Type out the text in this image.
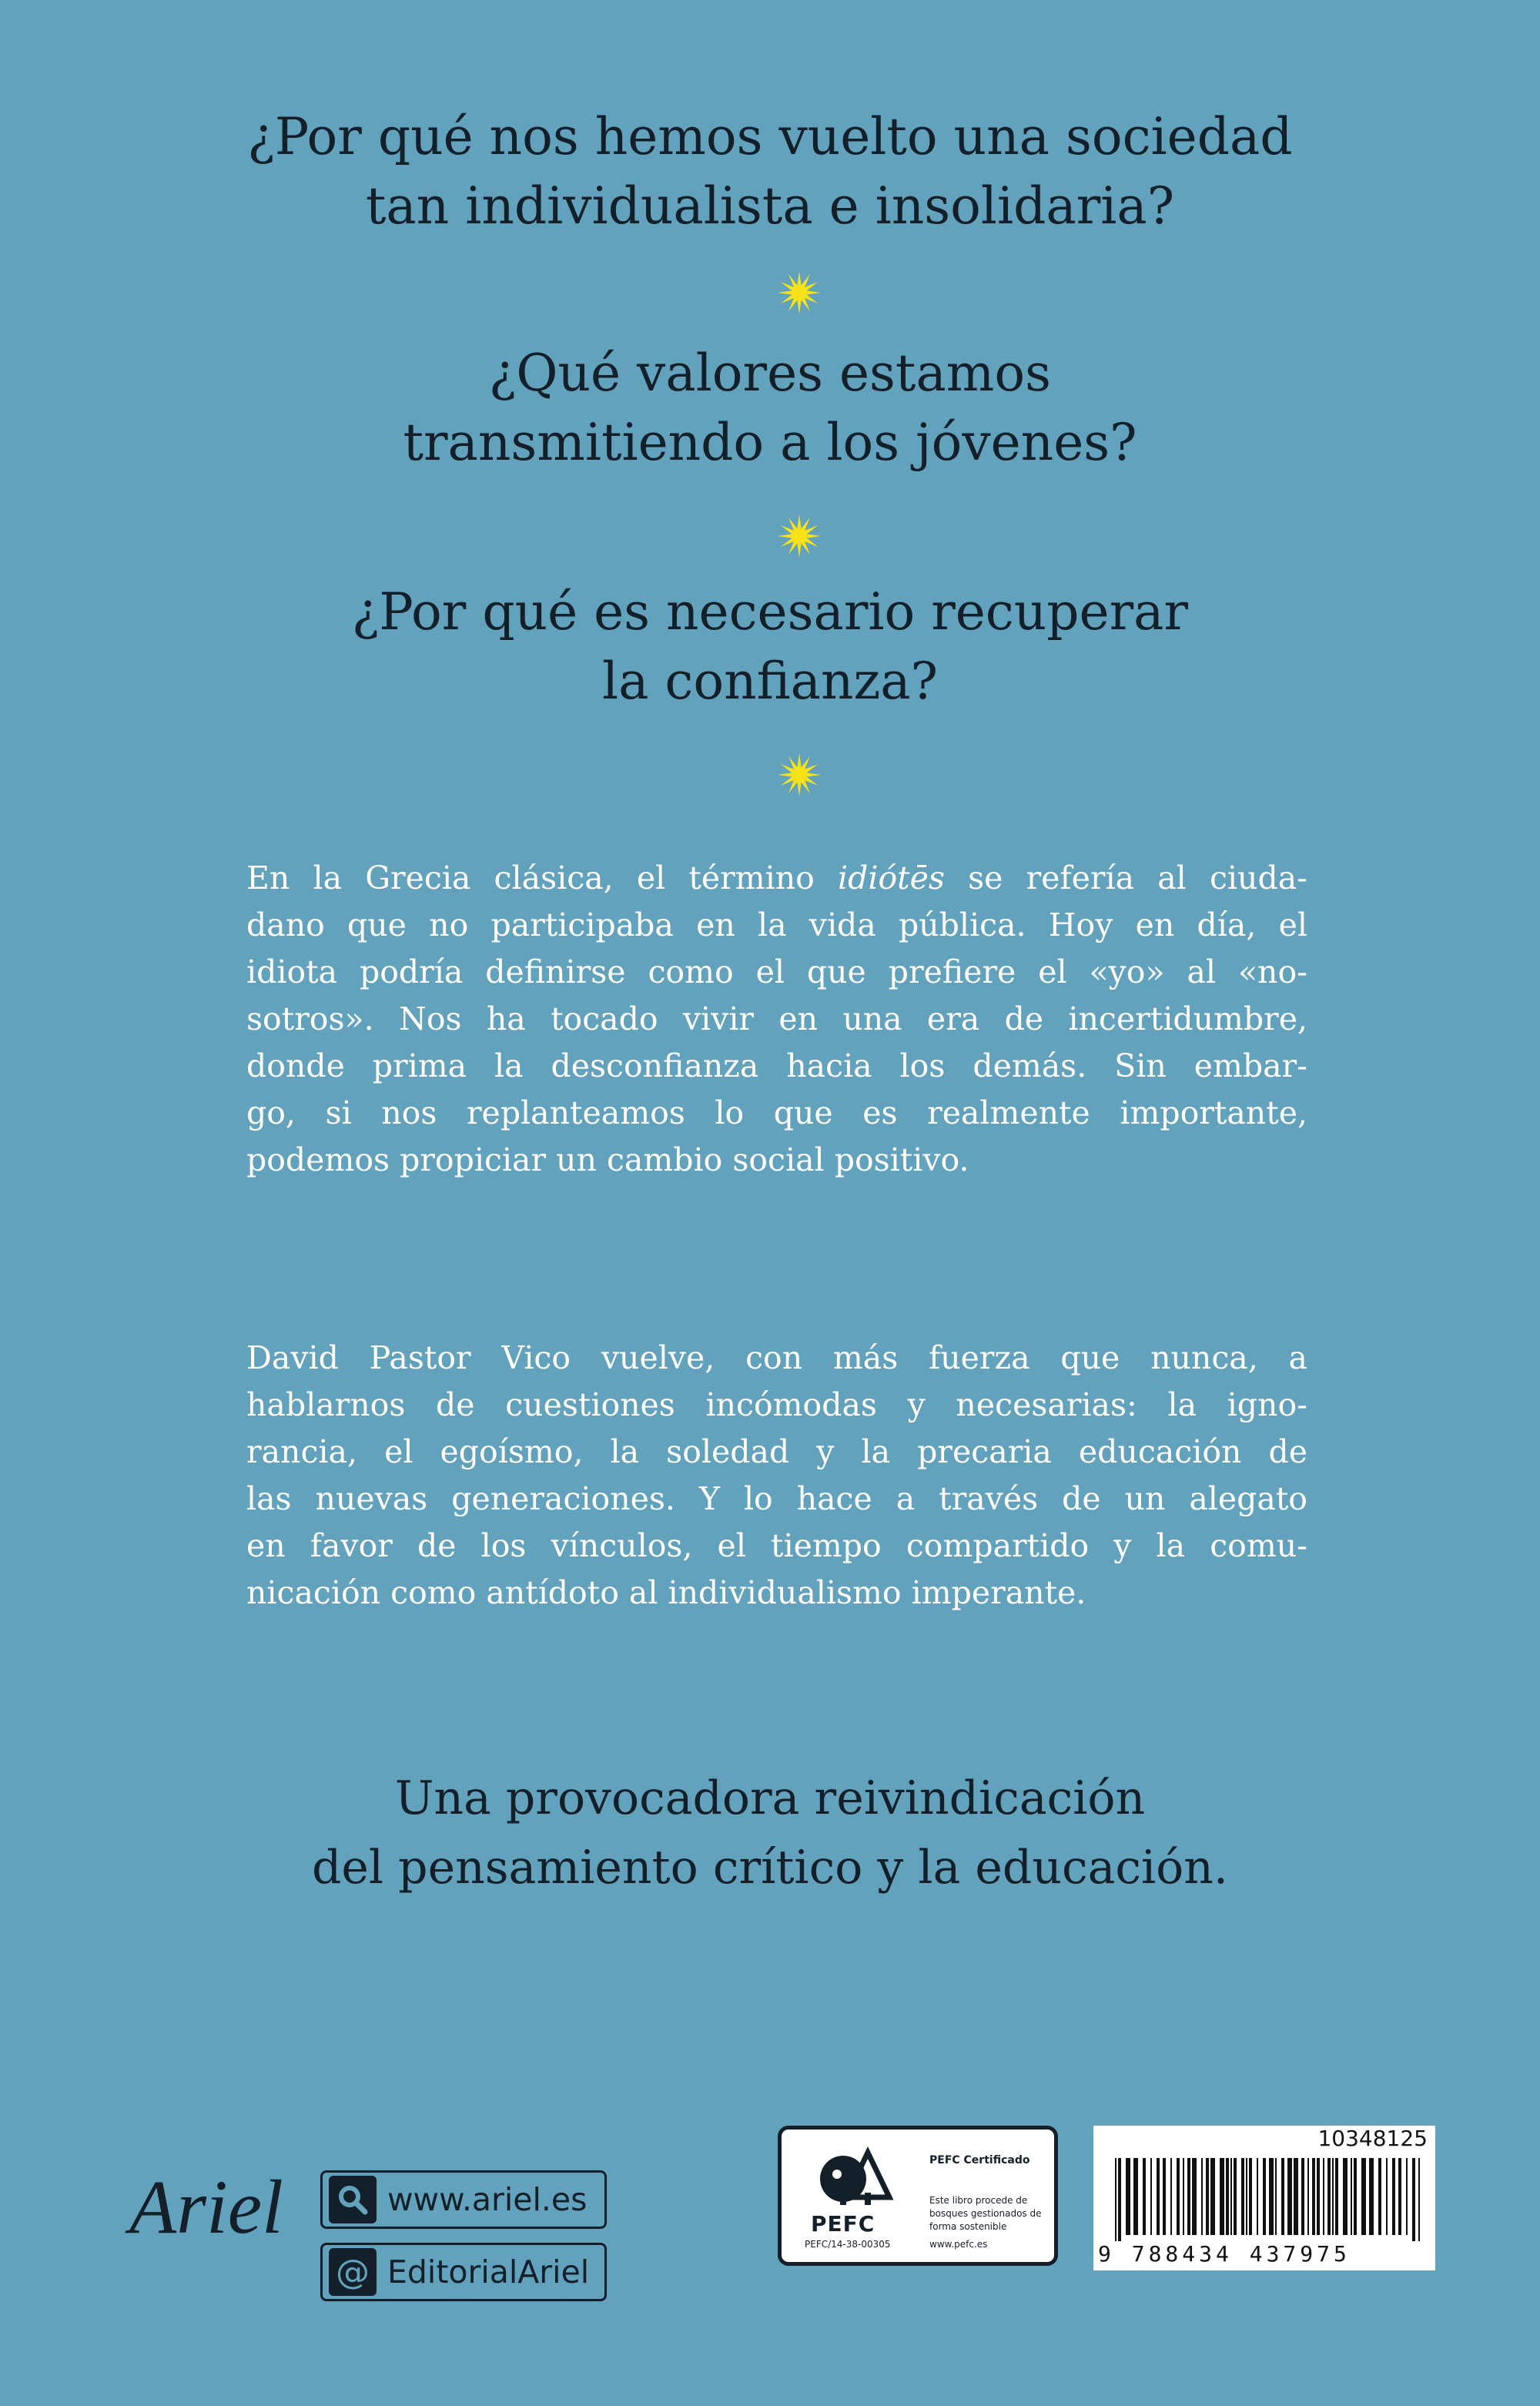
¿Por qué nos hemos vuelto una sociedad
tan individualista e insolidaria?
¿Qué valores estamos
transmitiendo a los jóvenes?
¿Por qué es necesario recuperar
la confianza?
En la Grecia clásica, el término idiótēs se refería al ciuda-
dano que no participaba en la vida pública. Hoy en día, el
idiota podría definirse como el que prefiere el «yo» al «no-
sotros». Nos ha tocado vivir en una era de incertidumbre,
donde prima la desconfianza hacia los demás. Sin embar-
go, si nos replanteamos lo que es realmente importante,
podemos propiciar un cambio social positivo.
David Pastor Vico vuelve, con más fuerza que nunca, a
hablarnos de cuestiones incómodas y necesarias: la igno-
rancia, el egoísmo, la soledad y la precaria educación de
las nuevas generaciones. Y lo hace a través de un alegato
en favor de los vínculos, el tiempo compartido y la comu-
nicación como antídoto al individualismo imperante.
Una provocadora reivindicación
del pensamiento crítico y la educación.
Ariel	www.ariel.es
@ EditorialAriel
PEFC
PEFC/14-38-00305
PEFC Certificado
Este libro procede de bosques gestionados de forma sostenible
www.pefc.es
10348125
9 788434 437975
